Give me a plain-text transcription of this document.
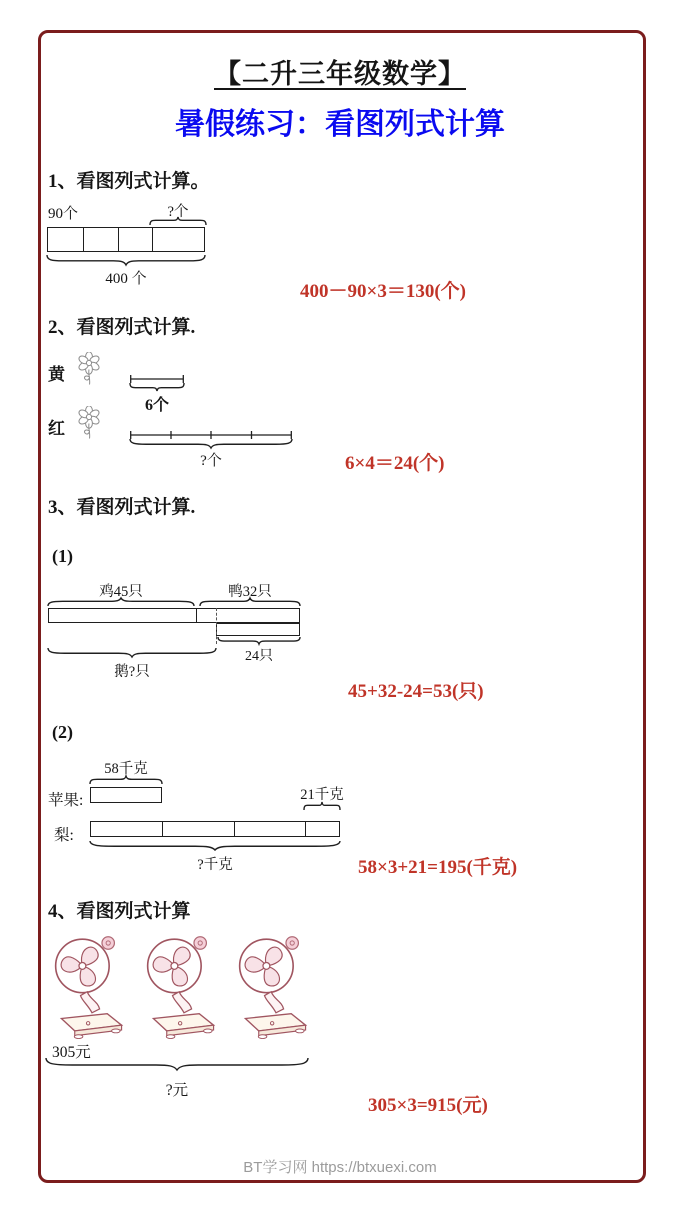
【二升三年级数学】
暑假练习：看图列式计算
1、看图列式计算。
90个	?个
400 个
400－90×3＝130(个)
2、看图列式计算.
黄
6个
红
?个	6×4＝24(个)
3、看图列式计算.
(1)
鸡45只	鸭32只
24只
鹅?只
45+32-24=53(只)
(2)
58千克
苹果:	21千克
梨:
?千克	58×3+21=195(千克)
4、看图列式计算
305元
?元
305×3=915(元)
BT学习网 https://btxuexi.com
